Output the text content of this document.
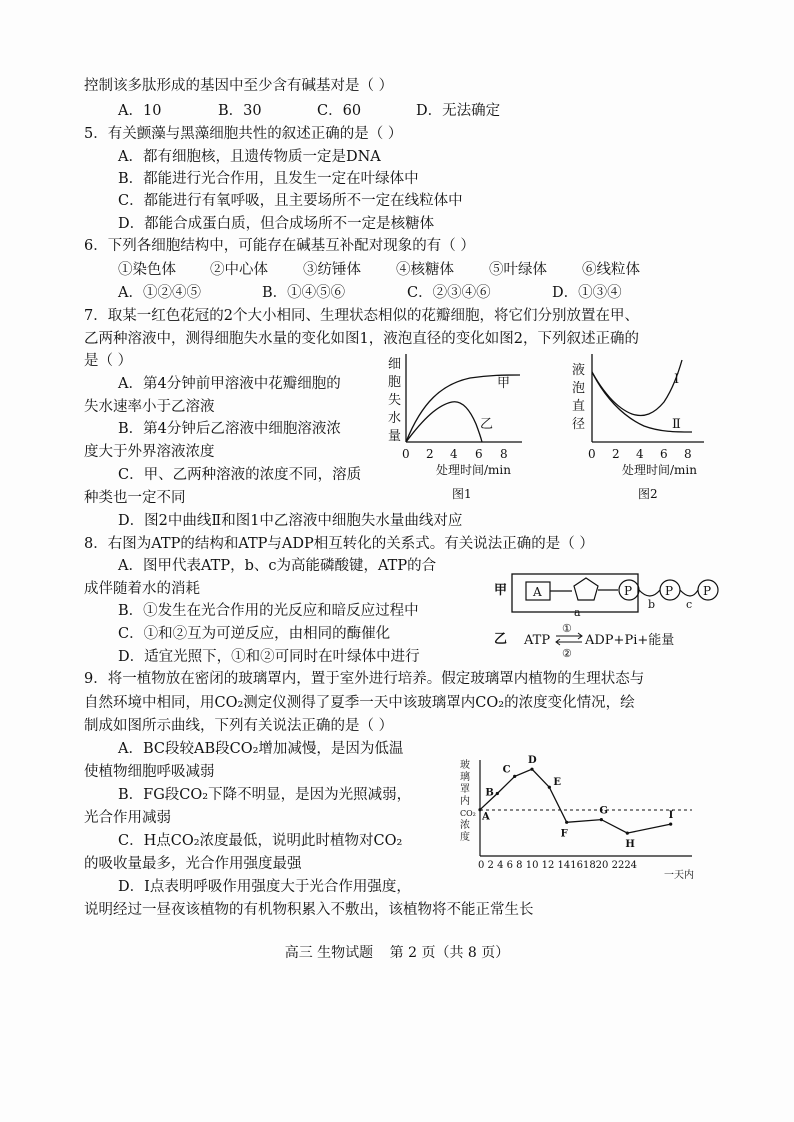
控制该多肽形成的基因中至少含有碱基对是（ ）
A．10	B．30	C．60	D．无法确定
5．有关颤藻与黑藻细胞共性的叙述正确的是（ ）
A．都有细胞核，且遗传物质一定是DNA
B．都能进行光合作用，且发生一定在叶绿体中
C．都能进行有氧呼吸，且主要场所不一定在线粒体中
D．都能合成蛋白质，但合成场所不一定是核糖体
6．下列各细胞结构中，可能存在碱基互补配对现象的有（ ）
①染色体 ②中心体 ③纺锤体 ④核糖体 ⑤叶绿体 ⑥线粒体
A．①②④⑤	B．①④⑤⑥	C．②③④⑥	D．①③④
7．取某一红色花冠的2个大小相同、生理状态相似的花瓣细胞，将它们分别放置在甲、
乙两种溶液中，测得细胞失水量的变化如图1，液泡直径的变化如图2，下列叙述正确的
是（ ）
A．第4分钟前甲溶液中花瓣细胞的
失水速率小于乙溶液
B．第4分钟后乙溶液中细胞溶液浓
度大于外界溶液浓度
C．甲、乙两种溶液的浓度不同，溶质
种类也一定不同
D．图2中曲线Ⅱ和图1中乙溶液中细胞失水量曲线对应
细
胞
失
水
量
甲
乙
0 2 4 6 8
处理时间/min
图1
液
泡
直
径
Ⅰ
Ⅱ
0 2 4 6 8
处理时间/min
图2
8．右图为ATP的结构和ATP与ADP相互转化的关系式。有关说法正确的是（ ）
A．图甲代表ATP，b、c为高能磷酸键，ATP的合
成伴随着水的消耗
B．①发生在光合作用的光反应和暗反应过程中
C．①和②互为可逆反应，由相同的酶催化
D．适宜光照下，①和②可同时在叶绿体中进行
甲 A	P	P P
a
b	c
乙 ATP
①
②
ADP+Pi+能量
9．将一植物放在密闭的玻璃罩内，置于室外进行培养。假定玻璃罩内植物的生理状态与
自然环境中相同，用CO₂测定仪测得了夏季一天中该玻璃罩内CO₂的浓度变化情况，绘
制成如图所示曲线，下列有关说法正确的是（ ）
A．BC段较AB段CO₂增加减慢，是因为低温
使植物细胞呼吸减弱
B．FG段CO₂下降不明显，是因为光照减弱，
光合作用减弱
C．H点CO₂浓度最低，说明此时植物对CO₂
的吸收量最多，光合作用强度最强
D．I点表明呼吸作用强度大于光合作用强度，
说明经过一昼夜该植物的有机物积累入不敷出，该植物将不能正常生长
玻
璃
罩
内
CO₂
浓
度
A
B
C
D
E
F
G
H
I
0 2 4 6 8 10 12 14161820 2224
一天内
高三 生物试题 第 2 页（共 8 页）
